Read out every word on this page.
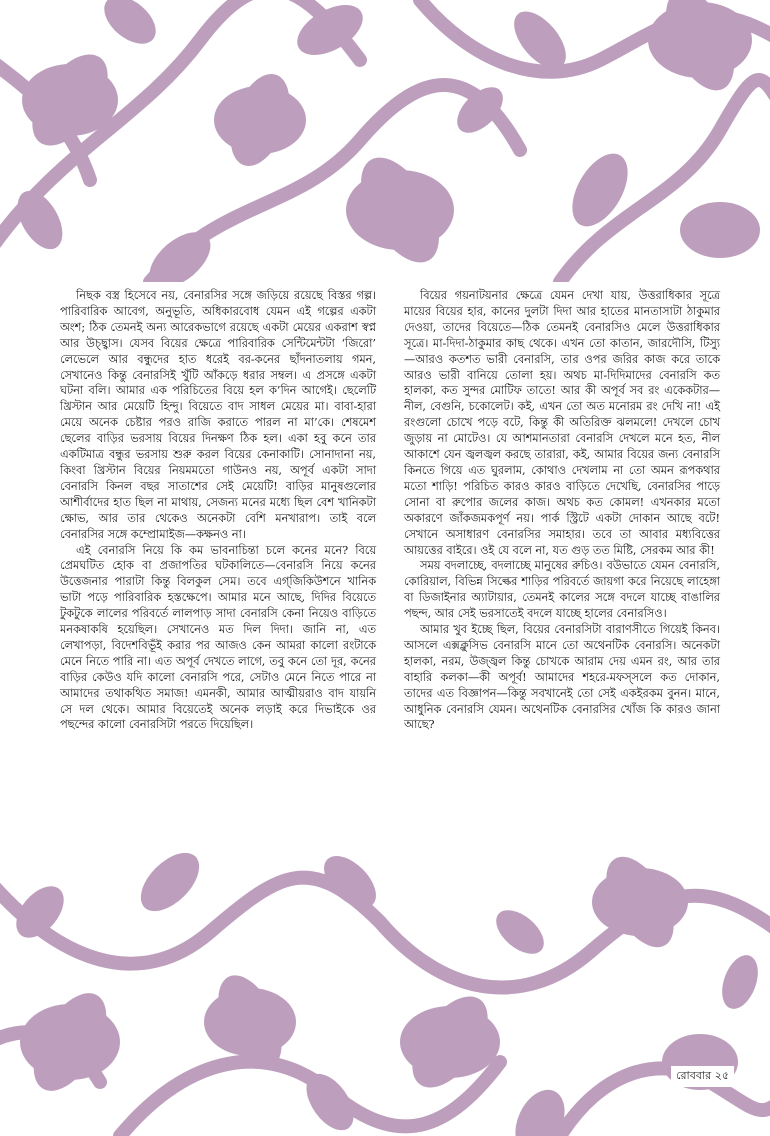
নিছক বস্ত্র হিসেবে নয়, বেনারসির সঙ্গে জড়িয়ে রয়েছে বিস্তর গল্প। পারিবারিক আবেগ, অনুভূতি, অধিকারবোধ যেমন এই গল্পের একটা অংশ; ঠিক তেমনই অন্য আরেকভাগে রয়েছে একটা মেয়ের একরাশ স্বপ্ন আর উচ্ছ্বাস। যেসব বিয়ের ক্ষেত্রে পারিবারিক সেন্টিমেন্টটা ‘জিরো’ লেভেলে আর বন্ধুদের হাত ধরেই বর-কনের ছাঁদনাতলায় গমন, সেখানেও কিন্তু বেনারসিই খুঁটি আঁকড়ে ধরার সম্বল। এ প্রসঙ্গে একটা ঘটনা বলি। আমার এক পরিচিতের বিয়ে হল ক’দিন আগেই। ছেলেটি খ্রিস্টান আর মেয়েটি হিন্দু। বিয়েতে বাদ সাধল মেয়ের মা। বাবা-হারা মেয়ে অনেক চেষ্টার পরও রাজি করাতে পারল না মা’কে। শেষমেশ ছেলের বাড়ির ভরসায় বিয়ের দিনক্ষণ ঠিক হল। একা হবু কনে তার একটিমাত্র বন্ধুর ভরসায় শুরু করল বিয়ের কেনাকাটি। সোনাদানা নয়, কিংবা খ্রিস্টান বিয়ের নিয়মমতো গাউনও নয়, অপূর্ব একটা সাদা বেনারসি কিনল বছর সাতাশের সেই মেয়েটি! বাড়ির মানুষগুলোর আশীর্বাদের হাত ছিল না মাথায়, সেজন্য মনের মধ্যে ছিল বেশ খানিকটা ক্ষোভ, আর তার থেকেও অনেকটা বেশি মনখারাপ। তাই বলে বেনারসির সঙ্গে কম্প্রোমাইজ—কক্ষনও না।

এই বেনারসি নিয়ে কি কম ভাবনাচিন্তা চলে কনের মনে? বিয়ে প্রেমঘটিত হোক বা প্রজাপতির ঘটকালিতে—বেনারসি নিয়ে কনের উত্তেজনার পারাটা কিন্তু বিলকুল সেম। তবে এগ্‌জিকিউশনে খানিক ভাটা পড়ে পারিবারিক হস্তক্ষেপে। আমার মনে আছে, দিদির বিয়েতে টুকটুকে লালের পরিবর্তে লালপাড় সাদা বেনারসি কেনা নিয়েও বাড়িতে মনকষাকষি হয়েছিল। সেখানেও মত দিল দিদা। জানি না, এত লেখাপড়া, বিদেশবিভূঁই করার পর আজও কেন আমরা কালো রংটাকে মেনে নিতে পারি না। এত অপূর্ব দেখতে লাগে, তবু কনে তো দূর, কনের বাড়ির কেউও যদি কালো বেনারসি পরে, সেটাও মেনে নিতে পারে না আমাদের তথাকথিত সমাজ! এমনকী, আমার আত্মীয়রাও বাদ যায়নি সে দল থেকে। আমার বিয়েতেই অনেক লড়াই করে দিভাইকে ওর পছন্দের কালো বেনারসিটা পরতে দিয়েছিল।

বিয়ের গয়নাটয়নার ক্ষেত্রে যেমন দেখা যায়, উত্তরাধিকার সূত্রে মায়ের বিয়ের হার, কানের দুলটা দিদা আর হাতের মানতাসাটা ঠাকুমার দেওয়া, তাদের বিয়েতে—ঠিক তেমনই বেনারসিও মেলে উত্তরাধিকার সূত্রে। মা-দিদা-ঠাকুমার কাছ থেকে। এখন তো কাতান, জারদৌসি, টিস্যু—আরও কতশত ভারী বেনারসি, তার ওপর জরির কাজ করে তাকে আরও ভারী বানিয়ে তোলা হয়। অথচ মা-দিদিমাদের বেনারসি কত হালকা, কত সুন্দর মোটিফ তাতে! আর কী অপূর্ব সব রং একেকটার—নীল, বেগুনি, চকোলেট। কই, এখন তো অত মনোরম রং দেখি না! এই রংগুলো চোখে পড়ে বটে, কিন্তু কী অতিরিক্ত ঝলমলে! দেখলে চোখ জুড়ায় না মোটেও। যে আশমানতারা বেনারসি দেখলে মনে হত, নীল আকাশে যেন জ্বলজ্বল করছে তারারা, কই, আমার বিয়ের জন্য বেনারসি কিনতে গিয়ে এত ঘুরলাম, কোথাও দেখলাম না তো অমন রূপকথার মতো শাড়ি! পরিচিত কারও কারও বাড়িতে দেখেছি, বেনারসির পাড়ে সোনা বা রুপোর জলের কাজ। অথচ কত কোমল! এখনকার মতো অকারণে জাঁকজমকপূর্ণ নয়। পার্ক স্ট্রিটে একটা দোকান আছে বটে! সেখানে অসাধারণ বেনারসির সমাহার। তবে তা আবার মধ্যবিত্তের আয়ত্তের বাইরে। ওই যে বলে না, যত গুড় তত মিষ্টি, সেরকম আর কী!

সময় বদলাচ্ছে, বদলাচ্ছে মানুষের রুচিও। বউভাতে যেমন বেনারসি, কোরিয়াল, বিভিন্ন সিল্কের শাড়ির পরিবর্তে জায়গা করে নিয়েছে লাহেঙ্গা বা ডিজাইনার অ্যাটায়ার, তেমনই কালের সঙ্গে বদলে যাচ্ছে বাঙালির পছন্দ, আর সেই ভরসাতেই বদলে যাচ্ছে হালের বেনারসিও।

আমার খুব ইচ্ছে ছিল, বিয়ের বেনারসিটা বারাণসীতে গিয়েই কিনব। আসলে এক্সক্লুসিভ বেনারসি মানে তো অথেনটিক বেনারসি। অনেকটা হালকা, নরম, উজ্জ্বল কিন্তু চোখকে আরাম দেয় এমন রং, আর তার বাহারি কলকা—কী অপূর্ব! আমাদের শহরে-মফস্সলে কত দোকান, তাদের এত বিজ্ঞাপন—কিন্তু সবখানেই তো সেই একইরকম বুনন। মানে, আধুনিক বেনারসি যেমন। অথেনটিক বেনারসির খোঁজ কি কারও জানা আছে?

রোববার ২৫
